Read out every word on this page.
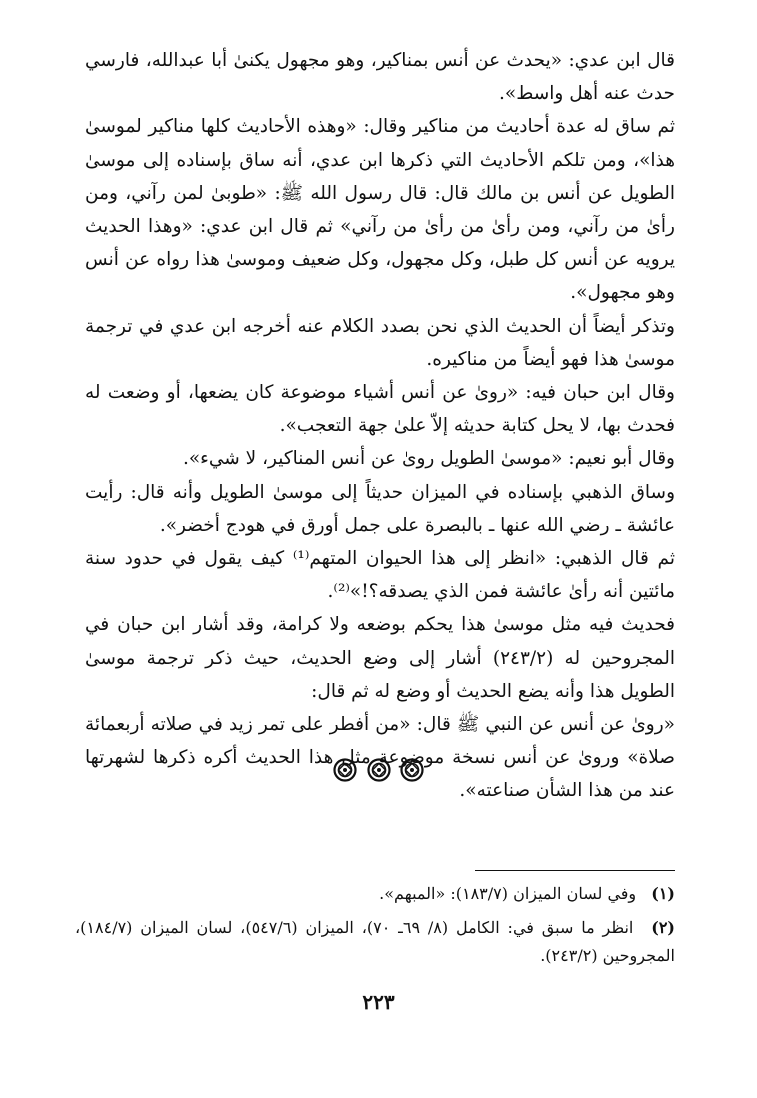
قال ابن عدي: «يحدث عن أنس بمناكير، وهو مجهول يكنىٰ أبا عبدالله، فارسي حدث عنه أهل واسط».

ثم ساق له عدة أحاديث من مناكير وقال: «وهذه الأحاديث كلها مناكير لموسىٰ هذا»، ومن تلكم الأحاديث التي ذكرها ابن عدي، أنه ساق بإسناده إلى موسىٰ الطويل عن أنس بن مالك قال: قال رسول الله ﷺ: «طوبىٰ لمن رآني، ومن رأىٰ من رآني، ومن رأىٰ من رأىٰ من رآني» ثم قال ابن عدي: «وهذا الحديث يرويه عن أنس كل طبل، وكل مجهول، وكل ضعيف وموسىٰ هذا رواه عن أنس وهو مجهول».

وتذكر أيضاً أن الحديث الذي نحن بصدد الكلام عنه أخرجه ابن عدي في ترجمة موسىٰ هذا فهو أيضاً من مناكيره.

وقال ابن حبان فيه: «روىٰ عن أنس أشياء موضوعة كان يضعها، أو وضعت له فحدث بها، لا يحل كتابة حديثه إلاّ علىٰ جهة التعجب».

وقال أبو نعيم: «موسىٰ الطويل روىٰ عن أنس المناكير، لا شيء».

وساق الذهبي بإسناده في الميزان حديثاً إلى موسىٰ الطويل وأنه قال: رأيت عائشة ـ رضي الله عنها ـ بالبصرة على جمل أورق في هودج أخضر».

ثم قال الذهبي: «انظر إلى هذا الحيوان المتهم⁽¹⁾ كيف يقول في حدود سنة مائتين أنه رأىٰ عائشة فمن الذي يصدقه؟!»⁽²⁾.

فحديث فيه مثل موسىٰ هذا يحكم بوضعه ولا كرامة، وقد أشار ابن حبان في المجروحين له (٢٤٣/٢) أشار إلى وضع الحديث، حيث ذكر ترجمة موسىٰ الطويل هذا وأنه يضع الحديث أو وضع له ثم قال:

«روىٰ عن أنس عن النبي ﷺ قال: «من أفطر على تمر زيد في صلاته أربعمائة صلاة» وروىٰ عن أنس نسخة موضوعة مثل هذا الحديث أكره ذكرها لشهرتها عند من هذا الشأن صناعته».

(١) وفي لسان الميزان (١٨٣/٧): «المبهم».

(٢) انظر ما سبق في: الكامل (٨/ ٦٩ـ ٧٠)، الميزان (٥٤٧/٦)، لسان الميزان (١٨٤/٧)، المجروحين (٢٤٣/٢).

٢٢٣
